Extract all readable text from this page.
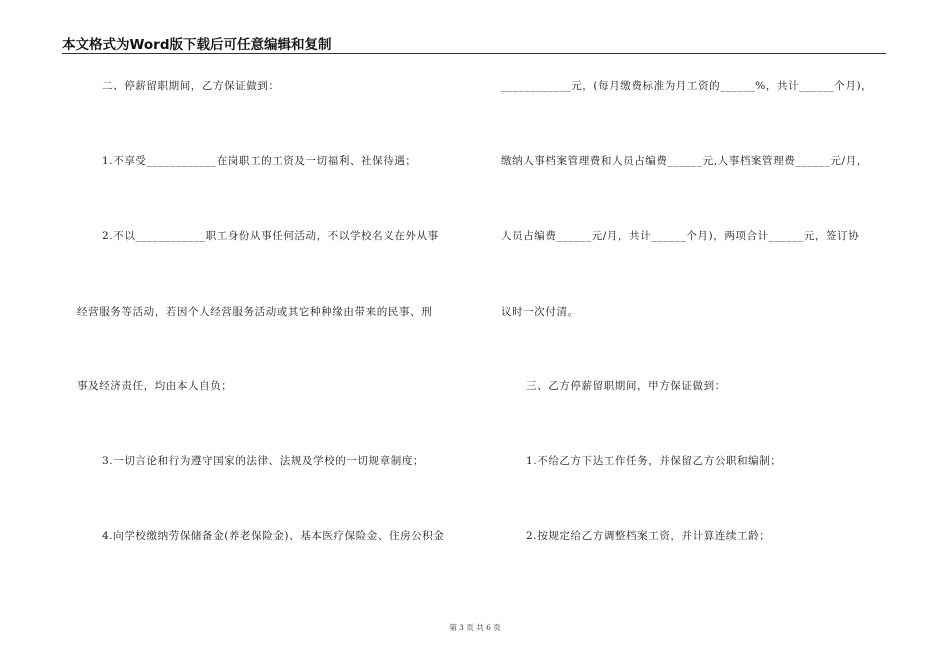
本文格式为Word版下载后可任意编辑和复制
二、停薪留职期间，乙方保证做到：
1.不享受____________在岗职工的工资及一切福利、社保待遇；
2.不以____________职工身份从事任何活动，不以学校名义在外从事
经营服务等活动，若因个人经营服务活动或其它种种缘由带来的民事、刑
事及经济责任，均由本人自负；
3.一切言论和行为遵守国家的法律、法规及学校的一切规章制度；
4.向学校缴纳劳保储备金(养老保险金)、基本医疗保险金、住房公积金
____________元，(每月缴费标准为月工资的______%，共计______个月)，
缴纳人事档案管理费和人员占编费______元,人事档案管理费______元/月，
人员占编费______元/月，共计______个月)，两项合计______元，签订协
议时一次付清。
三、乙方停薪留职期间，甲方保证做到：
1.不给乙方下达工作任务，并保留乙方公职和编制；
2.按规定给乙方调整档案工资，并计算连续工龄；
第 3 页 共 6 页
